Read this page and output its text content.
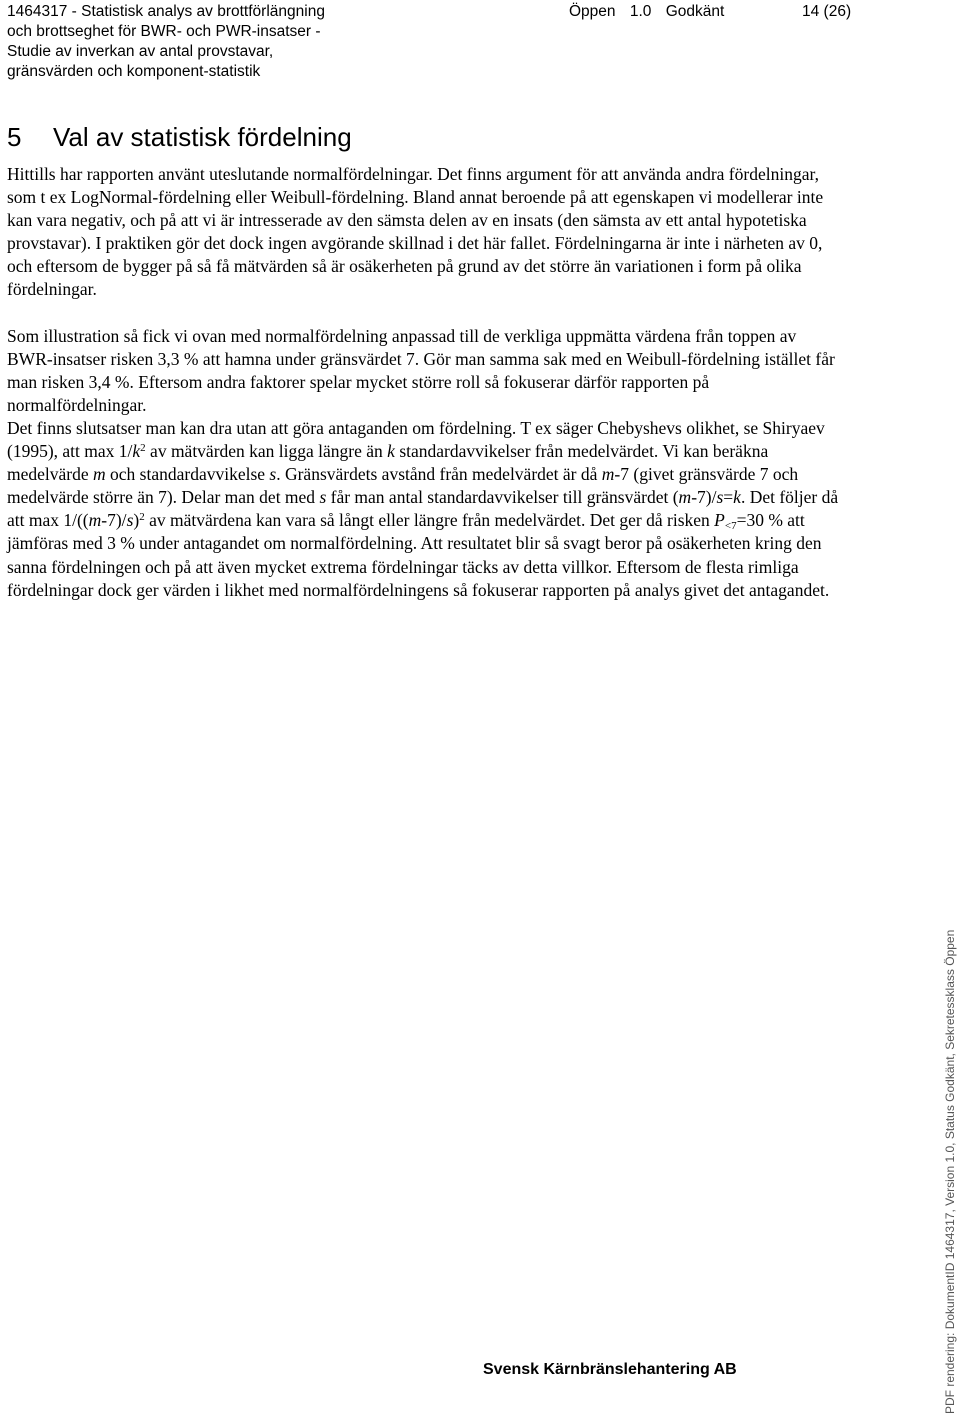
1464317 - Statistisk analys av brottförlängning
och brottseghet för BWR- och PWR-insatser -
Studie av inverkan av antal provstavar,
gränsvärden och komponent-statistik
Öppen 1.0 Godkänt	14 (26)
5 Val av statistisk fördelning

Hittills har rapporten använt uteslutande normalfördelningar. Det finns argument för att använda andra fördelningar, som t ex LogNormal-fördelning eller Weibull-fördelning. Bland annat beroende på att egenskapen vi modellerar inte kan vara negativ, och på att vi är intresserade av den sämsta delen av en insats (den sämsta av ett antal hypotetiska provstavar). I praktiken gör det dock ingen avgörande skillnad i det här fallet. Fördelningarna är inte i närheten av 0, och eftersom de bygger på så få mätvärden så är osäkerheten på grund av det större än variationen i form på olika fördelningar.

Som illustration så fick vi ovan med normalfördelning anpassad till de verkliga uppmätta värdena från toppen av BWR-insatser risken 3,3 % att hamna under gränsvärdet 7. Gör man samma sak med en Weibull-fördelning istället får man risken 3,4 %. Eftersom andra faktorer spelar mycket större roll så fokuserar därför rapporten på normalfördelningar.

Det finns slutsatser man kan dra utan att göra antaganden om fördelning. T ex säger Chebyshevs olikhet, se Shiryaev (1995), att $\max 1/k^2$ av mätvärden kan ligga längre än k standardavvikelser från medelvärdet. Vi kan beräkna medelvärde m och standardavvikelse s. Gränsvärdets avstånd från medelvärdet är då m-7 (givet gränsvärde 7 och medelvärde större än 7). Delar man det med s får man antal standardavvikelser till gränsvärdet (m-7)/s=k. Det följer då att $\max 1/((m-7)/s)^2$ av mätvärdena kan vara så långt eller längre från medelvärdet. Det ger då risken $P_{<7}=30$ % att jämföras med 3 % under antagandet om normalfördelning. Att resultatet blir så svagt beror på osäkerheten kring den sanna fördelningen och på att även mycket extrema fördelningar täcks av detta villkor. Eftersom de flesta rimliga fördelningar dock ger värden i likhet med normalfördelningens så fokuserar rapporten på analys givet det antagandet.

Svensk Kärnbränslehantering AB	PDF rendering: DokumentID 1464317, Version 1.0, Status Godkänt, Sekretessklass Öppen
